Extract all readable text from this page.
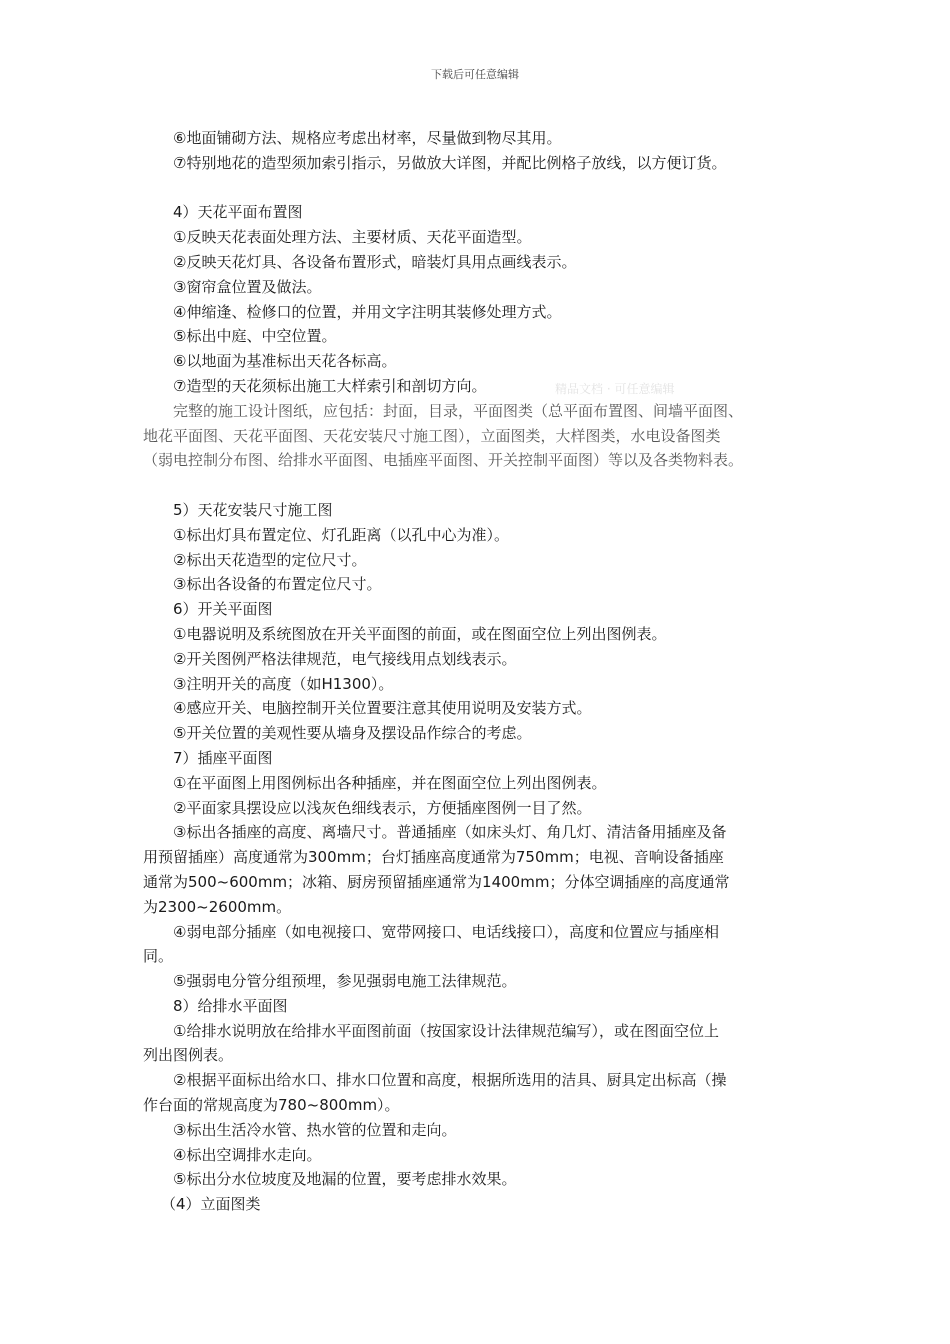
下载后可任意编辑
精品文档 · 可任意编辑
⑥地面铺砌方法、规格应考虑出材率，尽量做到物尽其用。
⑦特别地花的造型须加索引指示，另做放大详图，并配比例格子放线，以方便订货。
4）天花平面布置图
①反映天花表面处理方法、主要材质、天花平面造型。
②反映天花灯具、各设备布置形式，暗装灯具用点画线表示。
③窗帘盒位置及做法。
④伸缩逢、检修口的位置，并用文字注明其装修处理方式。
⑤标出中庭、中空位置。
⑥以地面为基准标出天花各标高。
⑦造型的天花须标出施工大样索引和剖切方向。
完整的施工设计图纸，应包括：封面，目录，平面图类（总平面布置图、间墙平面图、
地花平面图、天花平面图、天花安装尺寸施工图），立面图类，大样图类，水电设备图类
（弱电控制分布图、给排水平面图、电插座平面图、开关控制平面图）等以及各类物料表。
5）天花安装尺寸施工图
①标出灯具布置定位、灯孔距离（以孔中心为准）。
②标出天花造型的定位尺寸。
③标出各设备的布置定位尺寸。
6）开关平面图
①电器说明及系统图放在开关平面图的前面，或在图面空位上列出图例表。
②开关图例严格法律规范，电气接线用点划线表示。
③注明开关的高度（如H1300）。
④感应开关、电脑控制开关位置要注意其使用说明及安装方式。
⑤开关位置的美观性要从墙身及摆设品作综合的考虑。
7）插座平面图
①在平面图上用图例标出各种插座，并在图面空位上列出图例表。
②平面家具摆设应以浅灰色细线表示，方便插座图例一目了然。
③标出各插座的高度、离墙尺寸。普通插座（如床头灯、角几灯、清洁备用插座及备
用预留插座）高度通常为300mm；台灯插座高度通常为750mm；电视、音响设备插座
通常为500~600mm；冰箱、厨房预留插座通常为1400mm；分体空调插座的高度通常
为2300~2600mm。
④弱电部分插座（如电视接口、宽带网接口、电话线接口），高度和位置应与插座相
同。
⑤强弱电分管分组预埋，参见强弱电施工法律规范。
8）给排水平面图
①给排水说明放在给排水平面图前面（按国家设计法律规范编写），或在图面空位上
列出图例表。
②根据平面标出给水口、排水口位置和高度，根据所选用的洁具、厨具定出标高（操
作台面的常规高度为780~800mm）。
③标出生活冷水管、热水管的位置和走向。
④标出空调排水走向。
⑤标出分水位坡度及地漏的位置，要考虑排水效果。
（4）立面图类
